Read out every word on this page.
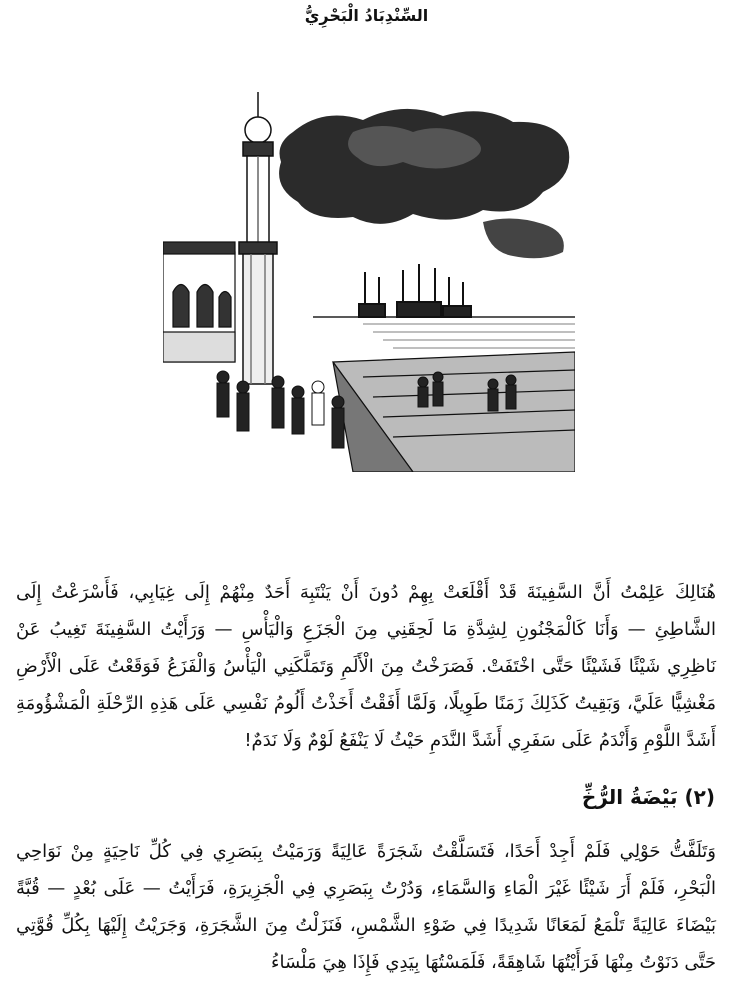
السِّنْدِبَادُ الْبَحْرِيُّ

هُنَالِكَ عَلِمْتُ أَنَّ السَّفِينَةَ قَدْ أَقْلَعَتْ بِهِمْ دُونَ أَنْ يَنْتَبِهَ أَحَدٌ مِنْهُمْ إِلَى غِيَابِي، فَأَسْرَعْتُ إِلَى الشَّاطِئِ — وَأَنَا كَالْمَجْنُونِ لِشِدَّةِ مَا لَحِقَنِي مِنَ الْجَزَعِ وَالْيَأْسِ — وَرَأَيْتُ السَّفِينَةَ تَغِيبُ عَنْ نَاظِرِي شَيْئًا فَشَيْئًا حَتَّى اخْتَفَتْ. فَصَرَخْتُ مِنَ الْأَلَمِ وَتَمَلَّكَنِي الْيَأْسُ وَالْفَزَعُ فَوَقَعْتُ عَلَى الْأَرْضِ مَغْشِيًّا عَلَيَّ، وَبَقِيتُ كَذَلِكَ زَمَنًا طَوِيلًا، وَلَمَّا أَفَقْتُ أَخَذْتُ أَلُومُ نَفْسِي عَلَى هَذِهِ الرِّحْلَةِ الْمَشْؤُومَةِ أَشَدَّ اللَّوْمِ وَأَنْدَمُ عَلَى سَفَرِي أَشَدَّ النَّدَمِ حَيْثُ لَا يَنْفَعُ لَوْمٌ وَلَا نَدَمٌ!

(٢) بَيْضَةُ الرُّخِّ

وَتَلَفَّتُّ حَوْلِي فَلَمْ أَجِدْ أَحَدًا، فَتَسَلَّقْتُ شَجَرَةً عَالِيَةً وَرَمَيْتُ بِبَصَرِي فِي كُلِّ نَاحِيَةٍ مِنْ نَوَاحِي الْبَحْرِ، فَلَمْ أَرَ شَيْئًا غَيْرَ الْمَاءِ وَالسَّمَاءِ، وَدُرْتُ بِبَصَرِي فِي الْجَزِيرَةِ، فَرَأَيْتُ — عَلَى بُعْدٍ — قُبَّةً بَيْضَاءَ عَالِيَةً تَلْمَعُ لَمَعَانًا شَدِيدًا فِي ضَوْءِ الشَّمْسِ، فَنَزَلْتُ مِنَ الشَّجَرَةِ، وَجَرَيْتُ إِلَيْهَا بِكُلِّ قُوَّتِي حَتَّى دَنَوْتُ مِنْهَا فَرَأَيْتُهَا شَاهِقَةً، فَلَمَسْتُهَا بِيَدِي فَإِذَا هِيَ مَلْسَاءُ
